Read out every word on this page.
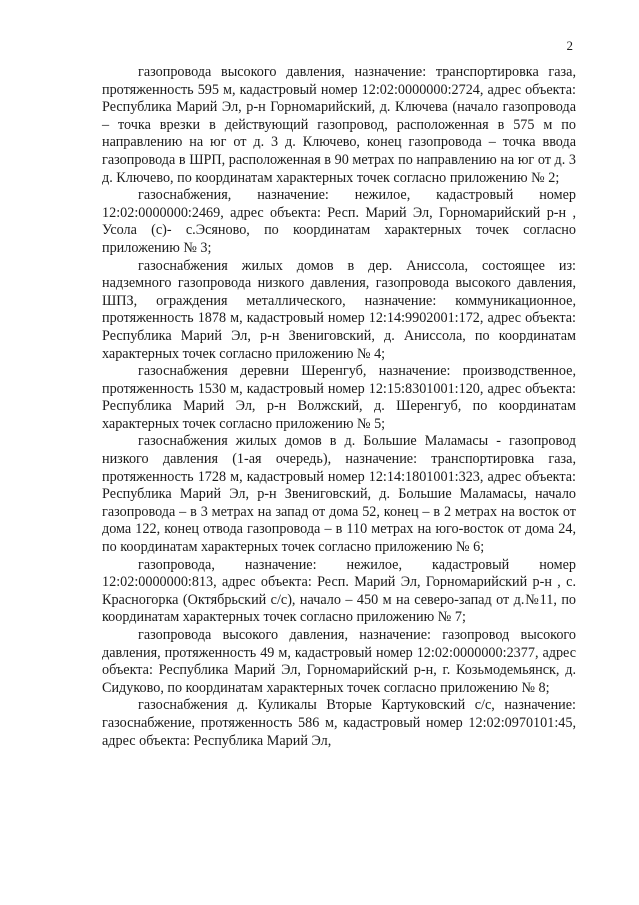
2

газопровода высокого давления, назначение: транспортировка газа, протяженность 595 м, кадастровый номер 12:02:0000000:2724, адрес объекта: Республика Марий Эл, р-н Горномарийский, д. Ключева (начало газопровода – точка врезки в действующий газопровод, расположенная в 575 м по направлению на юг от д. 3 д. Ключево, конец газопровода – точка ввода газопровода в ШРП, расположенная в 90 метрах по направлению на юг от д. 3 д. Ключево, по координатам характерных точек согласно приложению № 2;

газоснабжения, назначение: нежилое, кадастровый номер 12:02:0000000:2469, адрес объекта: Респ. Марий Эл, Горномарийский р-н , Усола (с)- с.Эсяново, по координатам характерных точек согласно приложению № 3;

газоснабжения жилых домов в дер. Аниссола, состоящее из: надземного газопровода низкого давления, газопровода высокого давления, ШПЗ, ограждения металлического, назначение: коммуникационное, протяженность 1878 м, кадастровый номер 12:14:9902001:172, адрес объекта: Республика Марий Эл, р-н Звениговский, д. Аниссола, по координатам характерных точек согласно приложению № 4;

газоснабжения деревни Шеренгуб, назначение: производственное, протяженность 1530 м, кадастровый номер 12:15:8301001:120, адрес объекта: Республика Марий Эл, р-н Волжский, д. Шеренгуб, по координатам характерных точек согласно приложению № 5;

газоснабжения жилых домов в д. Большие Маламасы - газопровод низкого давления (1-ая очередь), назначение: транспортировка газа, протяженность 1728 м, кадастровый номер 12:14:1801001:323, адрес объекта: Республика Марий Эл, р-н Звениговский, д. Большие Маламасы, начало газопровода – в 3 метрах на запад от дома 52, конец – в 2 метрах на восток от дома 122, конец отвода газопровода – в 110 метрах на юго-восток от дома 24, по координатам характерных точек согласно приложению № 6;

газопровода, назначение: нежилое, кадастровый номер 12:02:0000000:813, адрес объекта: Респ. Марий Эл, Горномарийский р-н , с. Красногорка (Октябрьский с/с), начало – 450 м на северо-запад от д.№11, по координатам характерных точек согласно приложению № 7;

газопровода высокого давления, назначение: газопровод высокого давления, протяженность 49 м, кадастровый номер 12:02:0000000:2377, адрес объекта: Республика Марий Эл, Горномарийский р-н, г. Козьмодемьянск, д. Сидуково, по координатам характерных точек согласно приложению № 8;

газоснабжения д. Куликалы Вторые Картуковский с/с, назначение: газоснабжение, протяженность 586 м, кадастровый номер 12:02:0970101:45, адрес объекта: Республика Марий Эл,
